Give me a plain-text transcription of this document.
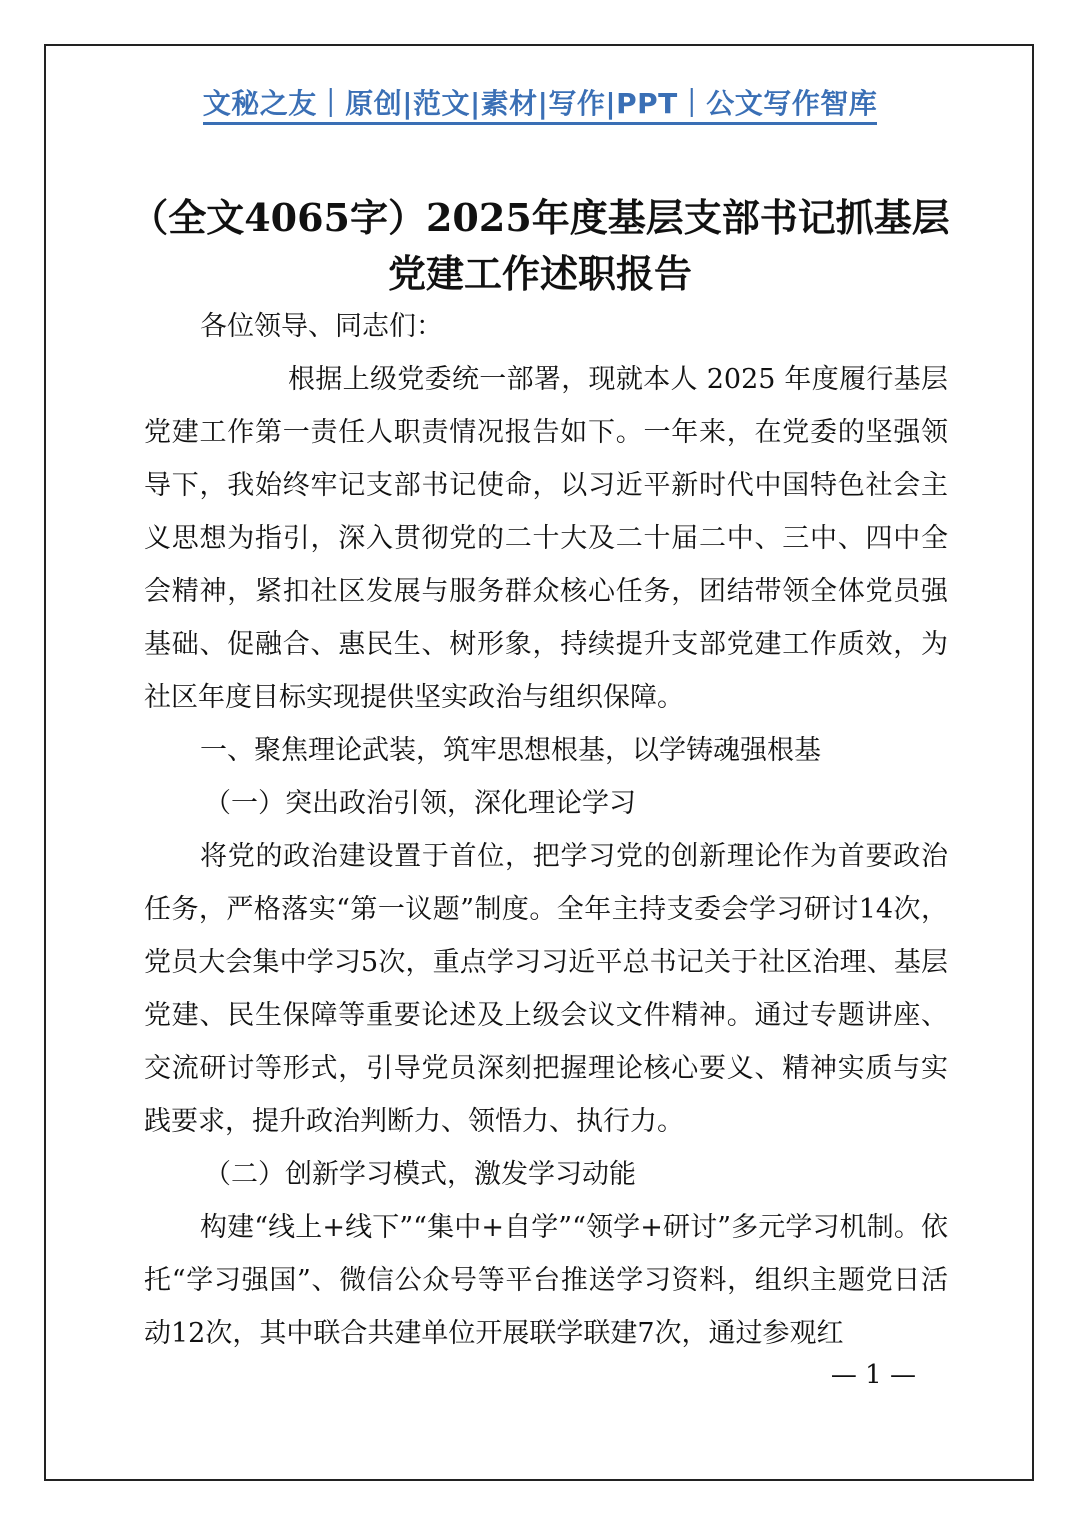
文秘之友｜原创|范文|素材|写作|PPT｜公文写作智库
（全文4065字）2025年度基层支部书记抓基层党建工作述职报告

各位领导、同志们：

根据上级党委统一部署，现就本人 2025 年度履行基层党建工作第一责任人职责情况报告如下。一年来，在党委的坚强领导下，我始终牢记支部书记使命，以习近平新时代中国特色社会主义思想为指引，深入贯彻党的二十大及二十届二中、三中、四中全会精神，紧扣社区发展与服务群众核心任务，团结带领全体党员强基础、促融合、惠民生、树形象，持续提升支部党建工作质效，为社区年度目标实现提供坚实政治与组织保障。

一、聚焦理论武装，筑牢思想根基，以学铸魂强根基

（一）突出政治引领，深化理论学习

将党的政治建设置于首位，把学习党的创新理论作为首要政治任务，严格落实“第一议题”制度。全年主持支委会学习研讨14次，党员大会集中学习5次，重点学习习近平总书记关于社区治理、基层党建、民生保障等重要论述及上级会议文件精神。通过专题讲座、交流研讨等形式，引导党员深刻把握理论核心要义、精神实质与实践要求，提升政治判断力、领悟力、执行力。

（二）创新学习模式，激发学习动能

构建“线上+线下”“集中+自学”“领学+研讨”多元学习机制。依托“学习强国”、微信公众号等平台推送学习资料，组织主题党日活动12次，其中联合共建单位开展联学联建7次，通过参观红

— 1 —
